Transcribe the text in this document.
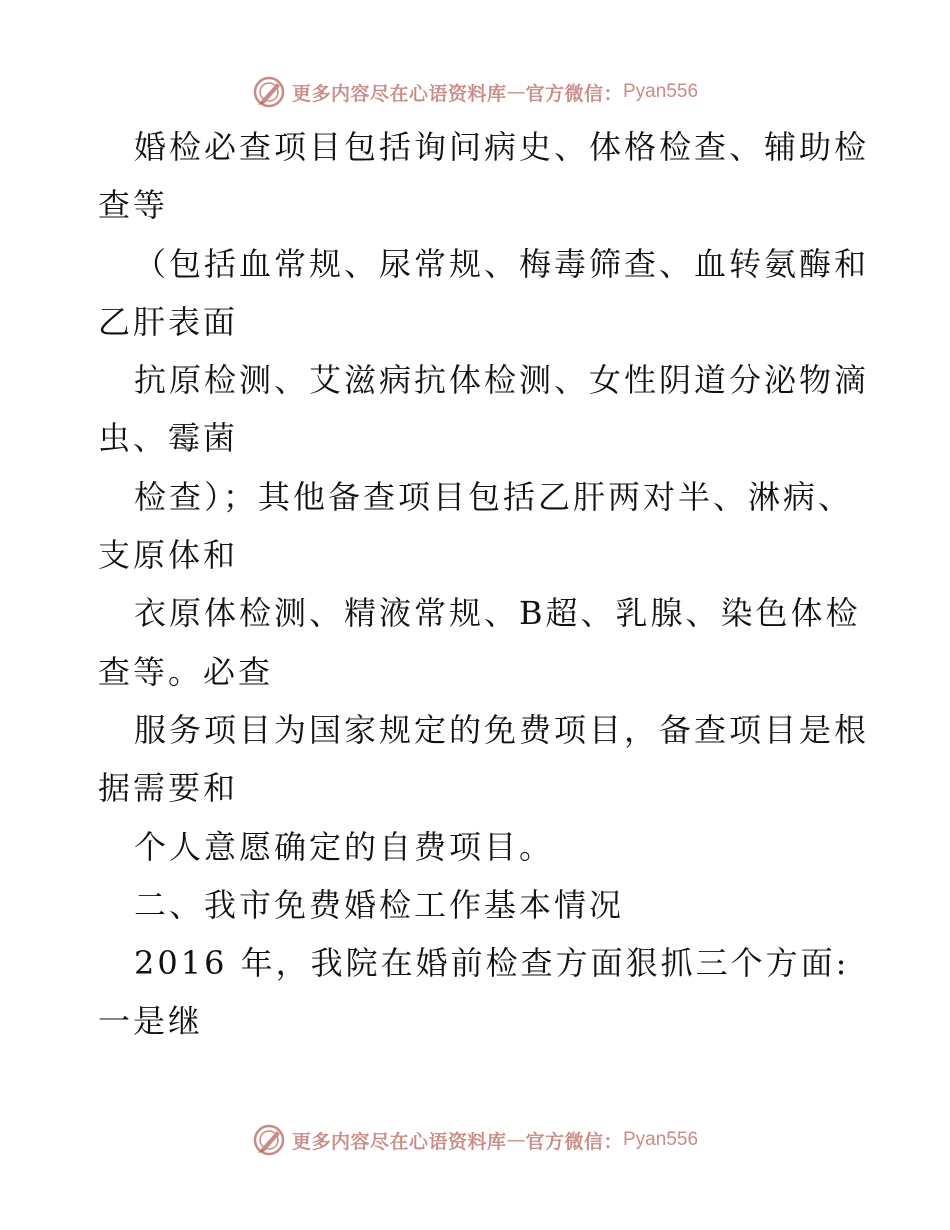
更多内容尽在心语资料库 — 官方微信： Pyan556
婚检必查项目包括询问病史、体格检查、辅助检
查等
（包括血常规、尿常规、梅毒筛查、血转氨酶和
乙肝表面
抗原检测、艾滋病抗体检测、女性阴道分泌物滴
虫、霉菌
检查）；其他备查项目包括乙肝两对半、淋病、
支原体和
衣原体检测、精液常规、B超、乳腺、染色体检
查等。必查
服务项目为国家规定的免费项目，备查项目是根
据需要和
个人意愿确定的自费项目。
二、我市免费婚检工作基本情况
2016 年，我院在婚前检查方面狠抓三个方面:
一是继
更多内容尽在心语资料库 — 官方微信： Pyan556
